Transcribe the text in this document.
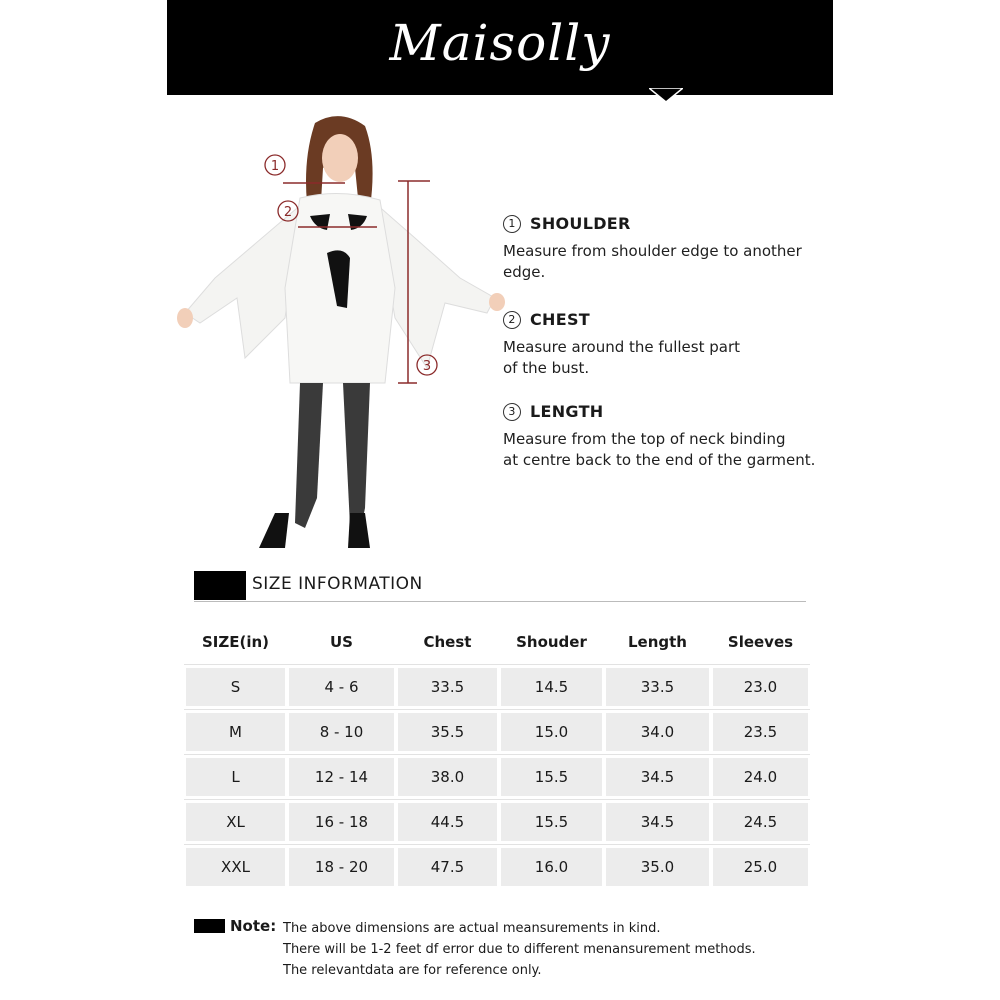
Maisolly
1
2
3
1 SHOULDER
Measure from shoulder edge to another
edge.
2 CHEST
Measure around the fullest part
of the bust.
3 LENGTH
Measure from the top of neck binding
at centre back to the end of the garment.
SIZE INFORMATION
SIZE(in)	US	Chest	Shouder	Length	Sleeves
S	4 - 6	33.5	14.5	33.5	23.0
M	8 - 10	35.5	15.0	34.0	23.5
L	12 - 14	38.0	15.5	34.5	24.0
XL	16 - 18	44.5	15.5	34.5	24.5
XXL	18 - 20	47.5	16.0	35.0	25.0
Note: The above dimensions are actual meansurements in kind.
There will be 1-2 feet df error due to different menansurement methods.
The relevantdata are for reference only.
